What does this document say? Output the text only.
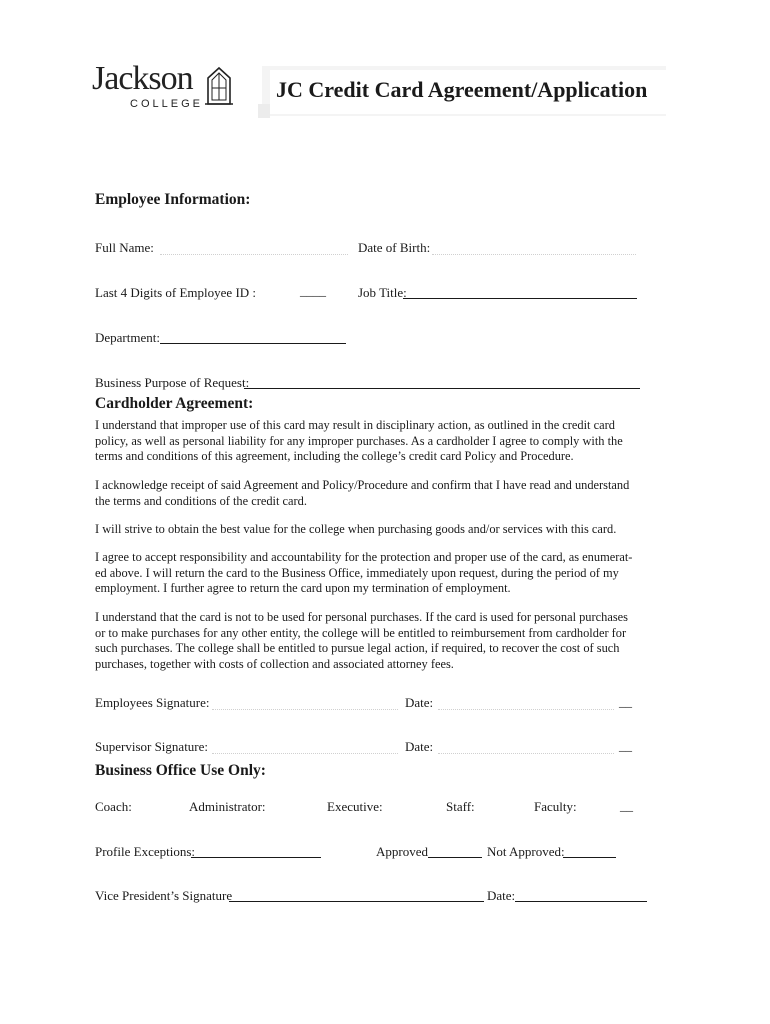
Jackson
COLLEGE
JC Credit Card Agreement/Application
Employee Information:
Full Name:	Date of Birth:
Last 4 Digits of Employee ID :	____ Job Title:
Department:
Business Purpose of Request:
Cardholder Agreement:
I understand that improper use of this card may result in disciplinary action, as outlined in the credit card
policy, as well as personal liability for any improper purchases. As a cardholder I agree to comply with the
terms and conditions of this agreement, including the college’s credit card Policy and Procedure.
I acknowledge receipt of said Agreement and Policy/Procedure and confirm that I have read and understand
the terms and conditions of the credit card.
I will strive to obtain the best value for the college when purchasing goods and/or services with this card.
I agree to accept responsibility and accountability for the protection and proper use of the card, as enumerat-
ed above. I will return the card to the Business Office, immediately upon request, during the period of my
employment. I further agree to return the card upon my termination of employment.
I understand that the card is not to be used for personal purchases. If the card is used for personal purchases
or to make purchases for any other entity, the college will be entitled to reimbursement from cardholder for
such purchases. The college shall be entitled to pursue legal action, if required, to recover the cost of such
purchases, together with costs of collection and associated attorney fees.
Employees Signature:	Date:	__
Supervisor Signature:	Date:	__
Business Office Use Only:
Coach:	Administrator:	Executive:	Staff:	Faculty:	__
Profile Exceptions:	Approved	Not Approved:
Vice President’s Signature	Date:
